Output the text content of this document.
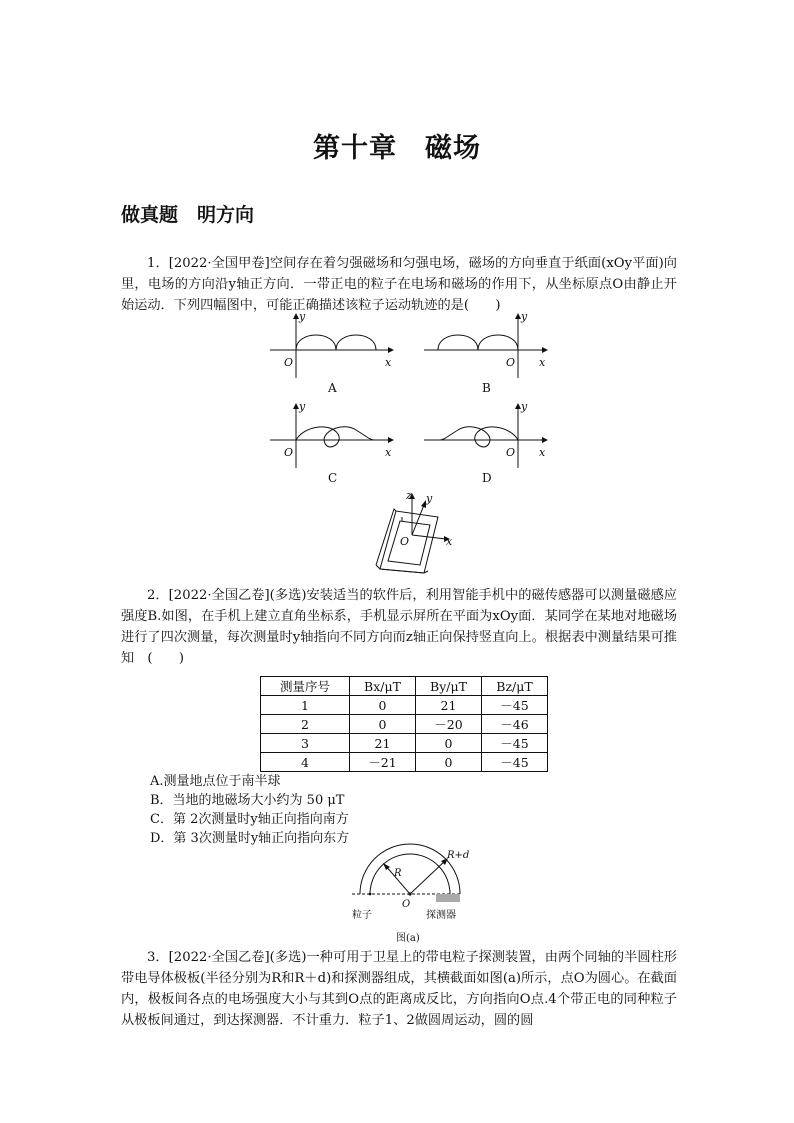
第十章　磁场
做真题　明方向
1．[2022·全国甲卷]空间存在着匀强磁场和匀强电场，磁场的方向垂直于纸面(xOy平面)向里，电场的方向沿y轴正方向．一带正电的粒子在电场和磁场的作用下，从坐标原点O由静止开始运动．下列四幅图中，可能正确描述该粒子运动轨迹的是(　　)
y
x
O
A
y
x
O
B
y
x
O
C
y
x
O
D
z y
x
O
2．[2022·全国乙卷](多选)安装适当的软件后，利用智能手机中的磁传感器可以测量磁感应强度B.如图，在手机上建立直角坐标系，手机显示屏所在平面为xOy面．某同学在某地对地磁场进行了四次测量，每次测量时y轴指向不同方向而z轴正向保持竖直向上。根据表中测量结果可推知　(　　)
测量序号	Bx/μT	By/μT	Bz/μT
1	0	21	－45
2	0	－20	－46
3	21	0	－45
4	－21	0	－45
A.测量地点位于南半球
B．当地的地磁场大小约为 50 μT
C．第 2次测量时y轴正向指向南方
D．第 3次测量时y轴正向指向东方
R
R+d
O
粒子	探测器
图(a)
3．[2022·全国乙卷](多选)一种可用于卫星上的带电粒子探测装置，由两个同轴的半圆柱形带电导体极板(半径分别为R和R＋d)和探测器组成，其横截面如图(a)所示，点O为圆心。在截面内，极板间各点的电场强度大小与其到O点的距离成反比，方向指向O点.4个带正电的同种粒子从极板间通过，到达探测器．不计重力．粒子1、2做圆周运动，圆的圆
